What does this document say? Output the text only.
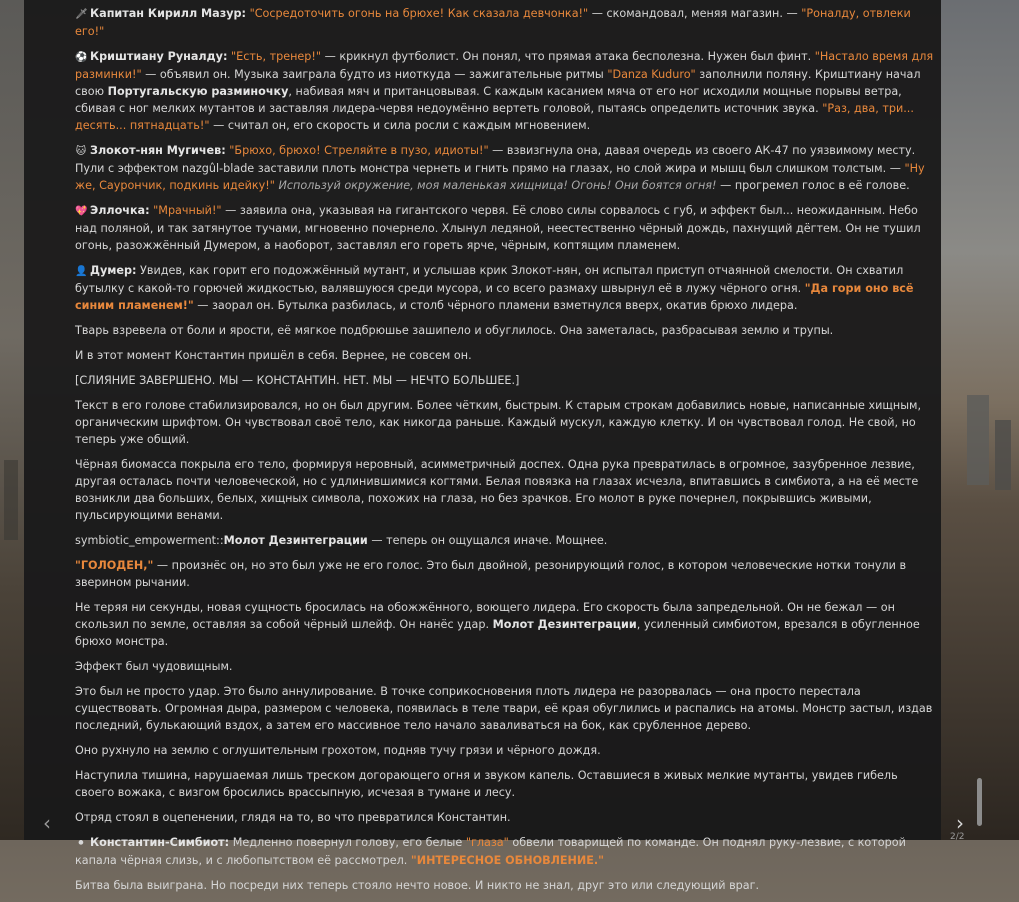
🗡 Капитан Кирилл Мазур: "Сосредоточить огонь на брюхе! Как сказала девчонка!" — скомандовал, меняя магазин. — "Роналду, отвлеки его!"
⚽ Криштиану Руналду: "Есть, тренер!" — крикнул футболист. Он понял, что прямая атака бесполезна. Нужен был финт. "Настало время для разминки!" — объявил он. Музыка заиграла будто из ниоткуда — зажигательные ритмы "Danza Kuduro" заполнили поляну. Криштиану начал свою Португальскую разминочку, набивая мяч и пританцовывая. С каждым касанием мяча от его ног исходили мощные порывы ветра, сбивая с ног мелких мутантов и заставляя лидера-червя недоумённо вертеть головой, пытаясь определить источник звука. "Раз, два, три... десять... пятнадцать!" — считал он, его скорость и сила росли с каждым мгновением.
🐱 Злокот-нян Мугичев: "Брюхо, брюхо! Стреляйте в пузо, идиоты!" — взвизгнула она, давая очередь из своего АК-47 по уязвимому месту. Пули с эффектом nazgûl-blade заставили плоть монстра чернеть и гнить прямо на глазах, но слой жира и мышц был слишком толстым. — "Ну же, Саурончик, подкинь идейку!" Используй окружение, моя маленькая хищница! Огонь! Они боятся огня! — прогремел голос в её голове.
💖 Эллочка: "Мрачный!" — заявила она, указывая на гигантского червя. Её слово силы сорвалось с губ, и эффект был... неожиданным. Небо над поляной, и так затянутое тучами, мгновенно почернело. Хлынул ледяной, неестественно чёрный дождь, пахнущий дёгтем. Он не тушил огонь, разожжённый Думером, а наоборот, заставлял его гореть ярче, чёрным, коптящим пламенем.
👤 Думер: Увидев, как горит его подожжённый мутант, и услышав крик Злокот-нян, он испытал приступ отчаянной смелости. Он схватил бутылку с какой-то горючей жидкостью, валявшуюся среди мусора, и со всего размаху швырнул её в лужу чёрного огня. "Да гори оно всё синим пламенем!" — заорал он. Бутылка разбилась, и столб чёрного пламени взметнулся вверх, окатив брюхо лидера.
Тварь взревела от боли и ярости, её мягкое подбрюшье зашипело и обуглилось. Она заметалась, разбрасывая землю и трупы.
И в этот момент Константин пришёл в себя. Вернее, не совсем он.
[СЛИЯНИЕ ЗАВЕРШЕНО. МЫ — КОНСТАНТИН. НЕТ. МЫ — НЕЧТО БОЛЬШЕЕ.]
Текст в его голове стабилизировался, но он был другим. Более чётким, быстрым. К старым строкам добавились новые, написанные хищным, органическим шрифтом. Он чувствовал своё тело, как никогда раньше. Каждый мускул, каждую клетку. И он чувствовал голод. Не свой, но теперь уже общий.
Чёрная биомасса покрыла его тело, формируя неровный, асимметричный доспех. Одна рука превратилась в огромное, зазубренное лезвие, другая осталась почти человеческой, но с удлинившимися когтями. Белая повязка на глазах исчезла, впитавшись в симбиота, а на её месте возникли два больших, белых, хищных символа, похожих на глаза, но без зрачков. Его молот в руке почернел, покрывшись живыми, пульсирующими венами.
symbiotic_empowerment::Молот Дезинтеграции — теперь он ощущался иначе. Мощнее.
"ГОЛОДЕН," — произнёс он, но это был уже не его голос. Это был двойной, резонирующий голос, в котором человеческие нотки тонули в зверином рычании.
Не теряя ни секунды, новая сущность бросилась на обожжённого, воющего лидера. Его скорость была запредельной. Он не бежал — он скользил по земле, оставляя за собой чёрный шлейф. Он нанёс удар. Молот Дезинтеграции, усиленный симбиотом, врезался в обугленное брюхо монстра.
Эффект был чудовищным.
Это был не просто удар. Это было аннулирование. В точке соприкосновения плоть лидера не разорвалась — она просто перестала существовать. Огромная дыра, размером с человека, появилась в теле твари, её края обуглились и распались на атомы. Монстр застыл, издав последний, булькающий вздох, а затем его массивное тело начало заваливаться на бок, как срубленное дерево.
Оно рухнуло на землю с оглушительным грохотом, подняв тучу грязи и чёрного дождя.
Наступила тишина, нарушаемая лишь треском догорающего огня и звуком капель. Оставшиеся в живых мелкие мутанты, увидев гибель своего вожака, с визгом бросились врассыпную, исчезая в тумане и лесу.
Отряд стоял в оцепенении, глядя на то, во что превратился Константин.
⚫ Константин-Симбиот: Медленно повернул голову, его белые "глаза" обвели товарищей по команде. Он поднял руку-лезвие, с которой капала чёрная слизь, и с любопытством её рассмотрел. "ИНТЕРЕСНОЕ ОБНОВЛЕНИЕ."
Битва была выиграна. Но посреди них теперь стояло нечто новое. И никто не знал, друг это или следующий враг.
‹	›
2/2
